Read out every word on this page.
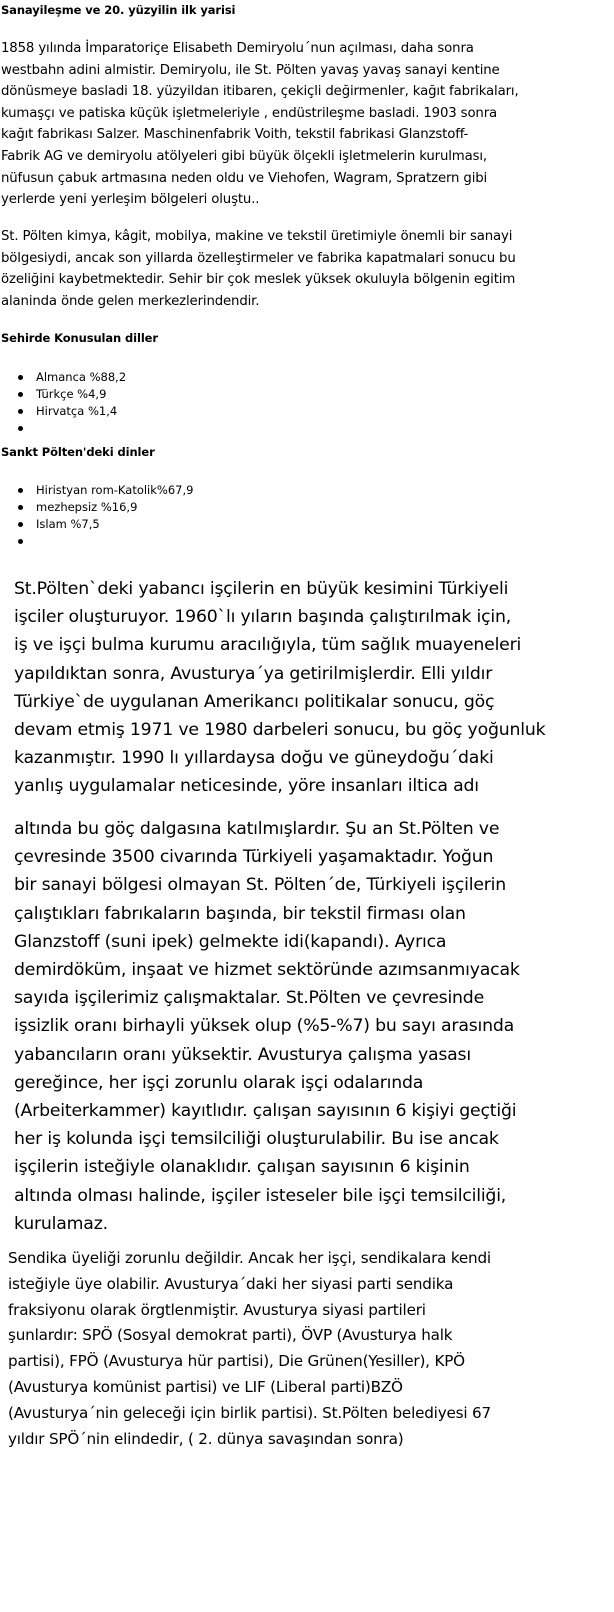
Sanayileşme ve 20. yüzyilin ilk yarisi
1858 yılında İmparatoriçe Elisabeth Demiryolu´nun açılması, daha sonra
westbahn adini almistir. Demiryolu, ile St. Pölten yavaş yavaş sanayi kentine
dönüsmeye basladi 18. yüzyildan itibaren, çekiçli değirmenler, kağıt fabrikaları,
kumaşçı ve patiska küçük işletmeleriyle , endüstrileşme basladi. 1903 sonra
kağıt fabrikası Salzer. Maschinenfabrik Voith, tekstil fabrikasi Glanzstoff-
Fabrik AG ve demiryolu atölyeleri gibi büyük ölçekli işletmelerin kurulması,
nüfusun çabuk artmasına neden oldu ve Viehofen, Wagram, Spratzern gibi
yerlerde yeni yerleşim bölgeleri oluştu..
St. Pölten kimya, kâgit, mobilya, makine ve tekstil üretimiyle önemli bir sanayi
bölgesiydi, ancak son yillarda özelleştirmeler ve fabrika kapatmalari sonucu bu
özeliğini kaybetmektedir. Sehir bir çok meslek yüksek okuluyla bölgenin egitim
alaninda önde gelen merkezlerindendir.
Sehirde Konusulan diller
Almanca %88,2
Türkçe %4,9
Hirvatça %1,4
Sankt Pölten'deki dinler
Hiristyan rom-Katolik%67,9
mezhepsiz %16,9
Islam %7,5
St.Pölten`deki yabancı işçilerin en büyük kesimini Türkiyeli
işciler oluşturuyor. 1960`lı yıların başında çalıştırılmak için,
iş ve işçi bulma kurumu aracılığıyla, tüm sağlık muayeneleri
yapıldıktan sonra, Avusturya´ya getirilmişlerdir. Elli yıldır
Türkiye`de uygulanan Amerikancı politikalar sonucu, göç
devam etmiş 1971 ve 1980 darbeleri sonucu, bu göç yoğunluk
kazanmıştır. 1990 lı yıllardaysa doğu ve güneydoğu´daki
yanlış uygulamalar neticesinde, yöre insanları iltica adı
altında bu göç dalgasına katılmışlardır. Şu an St.Pölten ve
çevresinde 3500 civarında Türkiyeli yaşamaktadır. Yoğun
bir sanayi bölgesi olmayan St. Pölten´de, Türkiyeli işçilerin
çalıştıkları fabrıkaların başında, bir tekstil firması olan
Glanzstoff (suni ipek) gelmekte idi(kapandı). Ayrıca
demirdöküm, inşaat ve hizmet sektöründe azımsanmıyacak
sayıda işçilerimiz çalışmaktalar. St.Pölten ve çevresinde
işsizlik oranı birhayli yüksek olup (%5-%7) bu sayı arasında
yabancıların oranı yüksektir. Avusturya çalışma yasası
gereğince, her işçi zorunlu olarak işçi odalarında
(Arbeiterkammer) kayıtlıdır. çalışan sayısının 6 kişiyi geçtiği
her iş kolunda işçi temsilciliği oluşturulabilir. Bu ise ancak
işçilerin isteğiyle olanaklıdır. çalışan sayısının 6 kişinin
altında olması halinde, işçiler isteseler bile işçi temsilciliği,
kurulamaz.
Sendika üyeliği zorunlu değildir. Ancak her işçi, sendikalara kendi
isteğiyle üye olabilir. Avusturya´daki her siyasi parti sendika
fraksiyonu olarak örgtlenmiştir. Avusturya siyasi partileri
şunlardır: SPÖ (Sosyal demokrat parti), ÖVP (Avusturya halk
partisi), FPÖ (Avusturya hür partisi), Die Grünen(Yesiller), KPÖ
(Avusturya komünist partisi) ve LIF (Liberal parti)BZÖ
(Avusturya´nin geleceği için birlik partisi). St.Pölten belediyesi 67
yıldır SPÖ´nin elindedir, ( 2. dünya savaşından sonra)
